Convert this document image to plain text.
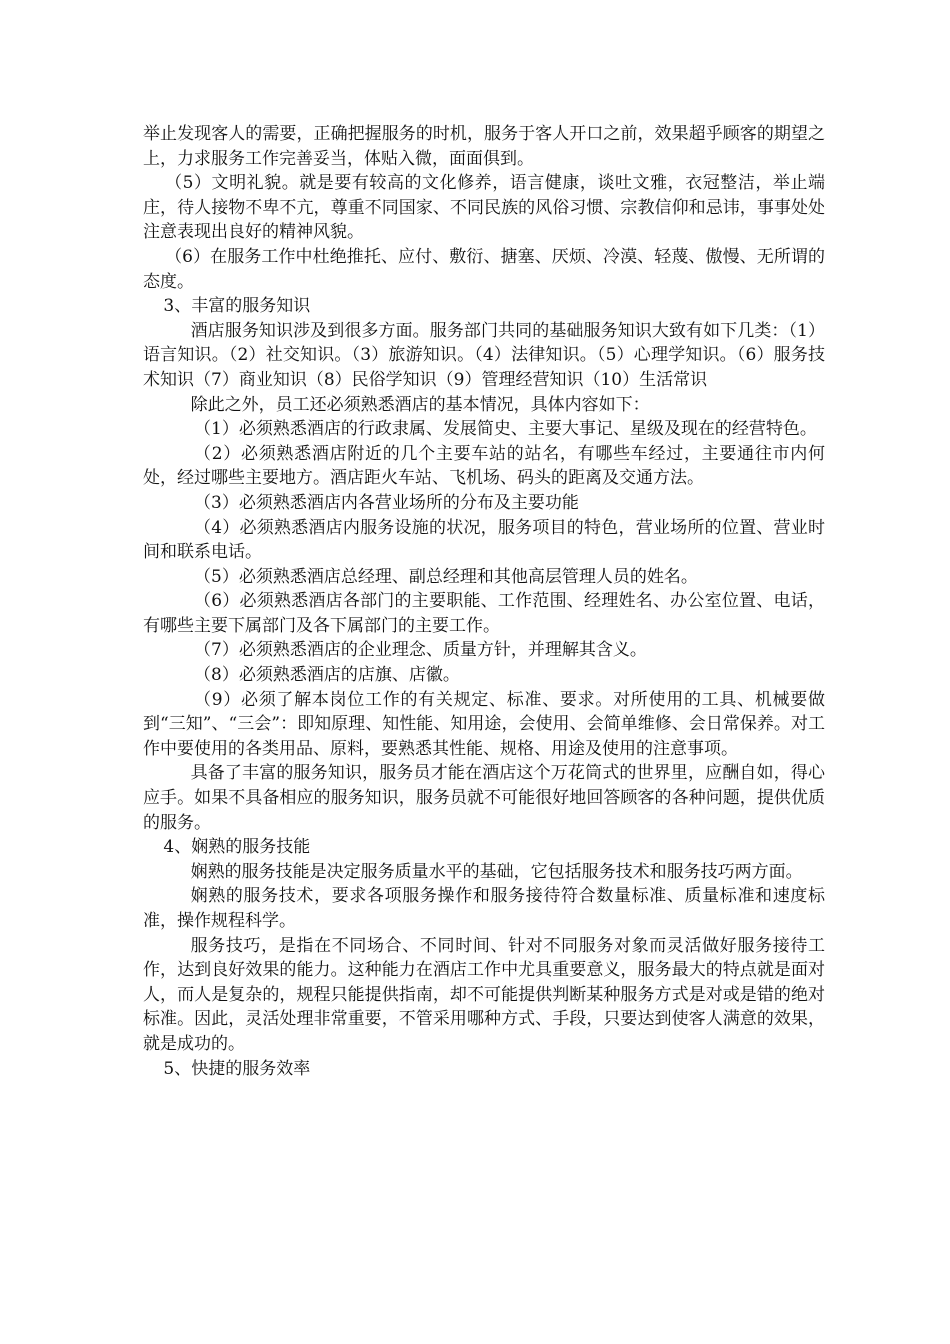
举止发现客人的需要，正确把握服务的时机，服务于客人开口之前，效果超乎顾客的期望之上，力求服务工作完善妥当，体贴入微，面面俱到。

（5）文明礼貌。就是要有较高的文化修养，语言健康，谈吐文雅，衣冠整洁，举止端庄，待人接物不卑不亢，尊重不同国家、不同民族的风俗习惯、宗教信仰和忌讳，事事处处注意表现出良好的精神风貌。

（6）在服务工作中杜绝推托、应付、敷衍、搪塞、厌烦、冷漠、轻蔑、傲慢、无所谓的态度。

3、丰富的服务知识

酒店服务知识涉及到很多方面。服务部门共同的基础服务知识大致有如下几类：（1）语言知识。（2）社交知识。（3）旅游知识。（4）法律知识。（5）心理学知识。（6）服务技术知识（7）商业知识（8）民俗学知识（9）管理经营知识（10）生活常识

除此之外，员工还必须熟悉酒店的基本情况，具体内容如下：

（1）必须熟悉酒店的行政隶属、发展简史、主要大事记、星级及现在的经营特色。

（2）必须熟悉酒店附近的几个主要车站的站名，有哪些车经过，主要通往市内何处，经过哪些主要地方。酒店距火车站、飞机场、码头的距离及交通方法。

（3）必须熟悉酒店内各营业场所的分布及主要功能

（4）必须熟悉酒店内服务设施的状况，服务项目的特色，营业场所的位置、营业时间和联系电话。

（5）必须熟悉酒店总经理、副总经理和其他高层管理人员的姓名。

（6）必须熟悉酒店各部门的主要职能、工作范围、经理姓名、办公室位置、电话，有哪些主要下属部门及各下属部门的主要工作。

（7）必须熟悉酒店的企业理念、质量方针，并理解其含义。

（8）必须熟悉酒店的店旗、店徽。

（9）必须了解本岗位工作的有关规定、标准、要求。对所使用的工具、机械要做到“三知”、“三会”：即知原理、知性能、知用途，会使用、会简单维修、会日常保养。对工作中要使用的各类用品、原料，要熟悉其性能、规格、用途及使用的注意事项。

具备了丰富的服务知识，服务员才能在酒店这个万花筒式的世界里，应酬自如，得心应手。如果不具备相应的服务知识，服务员就不可能很好地回答顾客的各种问题，提供优质的服务。

4、娴熟的服务技能

娴熟的服务技能是决定服务质量水平的基础，它包括服务技术和服务技巧两方面。

娴熟的服务技术，要求各项服务操作和服务接待符合数量标准、质量标准和速度标准，操作规程科学。

服务技巧，是指在不同场合、不同时间、针对不同服务对象而灵活做好服务接待工作，达到良好效果的能力。这种能力在酒店工作中尤具重要意义，服务最大的特点就是面对人，而人是复杂的，规程只能提供指南，却不可能提供判断某种服务方式是对或是错的绝对标准。因此，灵活处理非常重要，不管采用哪种方式、手段，只要达到使客人满意的效果，就是成功的。

5、快捷的服务效率
